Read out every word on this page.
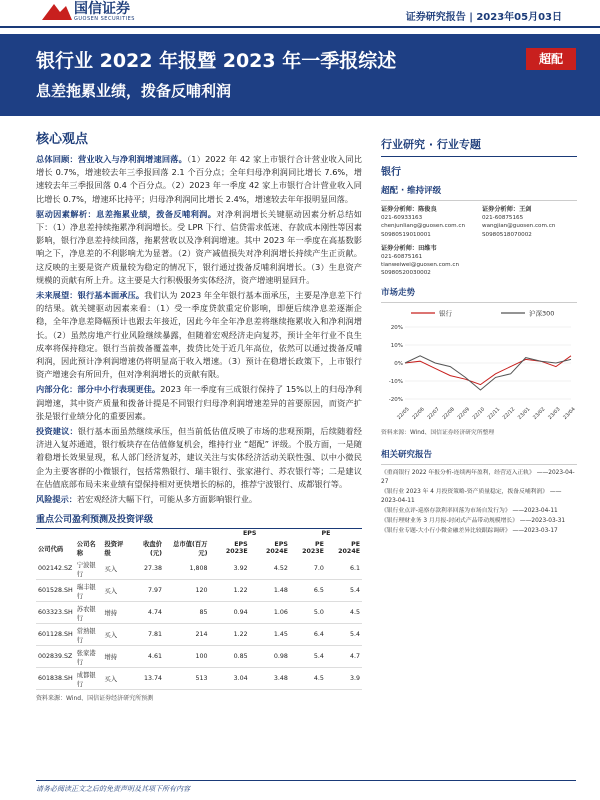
国信证券
GUOSEN SECURITIES	证券研究报告 | 2023年05月03日
银行业 2022 年报暨 2023 年一季报综述
息差拖累业绩，拨备反哺利润
超配
核心观点
总体回顾：营业收入与净利润增速回落。（1）2022 年 42 家上市银行合计营业收入同比增长 0.7%，增速较去年三季报回落 2.1 个百分点；全年归母净利润同比增长 7.6%，增速较去年三季报回落 0.4 个百分点。（2）2023 年一季度 42 家上市银行合计营业收入同比增长 0.7%，增速环比持平；归母净利润同比增长 2.4%，增速较去年年报明显回落。
驱动因素解析：息差拖累业绩，拨备反哺利润。对净利润增长关键驱动因素分析总结如下：（1）净息差持续拖累净利润增长。受 LPR 下行、信贷需求低迷、存款成本刚性等因素影响，银行净息差持续回落，拖累营收以及净利润增速。其中 2023 年一季度在高基数影响之下，净息差的不利影响尤为显著。（2）资产减值损失对净利润增长持续产生正贡献。这反映的主要是资产质量较为稳定的情况下，银行通过拨备反哺利润增长。（3）生息资产规模的贡献有所上升。这主要是大行积极服务实体经济，资产增速明显回升。
未来展望：银行基本面承压。我们认为 2023 年全年银行基本面承压，主要是净息差下行的结果。就关键驱动因素来看：（1）受一季度贷款重定价影响，即便后续净息差逐渐企稳，全年净息差降幅预计也跟去年接近，因此今年全年净息差将继续拖累收入和净利润增长。（2）虽然房地产行业风险继续暴露，但随着宏观经济走向复苏，预计全年行业不良生成率将保持稳定。银行当前拨备覆盖率，拨贷比处于近几年高位，依然可以通过拨备反哺利润，因此预计净利润增速仍将明显高于收入增速。（3）预计在稳增长政策下，上市银行资产增速会有所回升，但对净利润增长的贡献有限。
内部分化：部分中小行表现更佳。2023 年一季度有三成银行保持了 15%以上的归母净利润增速，其中资产质量和拨备计提是不同银行归母净利润增速差异的首要原因，而资产扩张是银行业绩分化的重要因素。
投资建议：银行基本面虽然继续承压，但当前低估值反映了市场的悲观预期，后续随着经济进入复苏通道，银行板块存在估值修复机会，维持行业 “超配” 评级。个股方面，一是随着稳增长效果显现，私人部门经济复苏，建议关注与实体经济活动关联性强、以中小微民企为主要客群的小微银行，包括常熟银行、瑞丰银行、张家港行、苏农银行等；二是建议在估值底部布局未来业绩有望保持相对更快增长的标的，推荐宁波银行、成都银行等。
风险提示：若宏观经济大幅下行，可能从多方面影响银行业。
重点公司盈利预测及投资评级
					EPS		PE	
公司代码	公司名称	投资评级	收盘价(元)	总市值(百万元)	EPS 2023E	EPS 2024E	PE 2023E	PE 2024E
002142.SZ	宁波银行	买入	27.38	1,808	3.92	4.52	7.0	6.1
601528.SH	瑞丰银行	买入	7.97	120	1.22	1.48	6.5	5.4
603323.SH	苏农银行	增持	4.74	85	0.94	1.06	5.0	4.5
601128.SH	常熟银行	买入	7.81	214	1.22	1.45	6.4	5.4
002839.SZ	张家港行	增持	4.61	100	0.85	0.98	5.4	4.7
601838.SH	成都银行	买入	13.74	513	3.04	3.48	4.5	3.9
资料来源：Wind、国信证券经济研究所预测
行业研究 · 行业专题
银行
超配 · 维持评级
证券分析师：陈俊良
021-60933163
chenjunliang@guosen.com.cn
S0980519010001
证券分析师：王剑
021-60875165
wangjian@guosen.com.cn
S0980518070002
证券分析师：田维韦
021-60875161
tianweiwei@guosen.com.cn
S0980520030002
市场走势
银行	沪深300
20%
10%
0%
-10%
-20%
22/05 22/06 22/07 22/08 22/09 22/10 22/11 22/12 23/01 23/02 23/03 23/04
资料来源：Wind、国信证券经济研究所整理
相关研究报告
《重商银行 2022 年报分析-连续两年盈利，经营迈入正轨》 ——2023-04-27
《银行业 2023 年 4 月投资策略-资产质量稳定，拨备反哺利润》 ——2023-04-11
《银行业点评-巡察存款利率回落为市场自发行为》 ——2023-04-11
《银行理财业务 3 月月报-封闭式产品带动规模增长》 ——2023-03-31
《银行业专题-大小行小微金融差异比较跟踪调研》 ——2023-03-17
请务必阅读正文之后的免责声明及其项下所有内容
